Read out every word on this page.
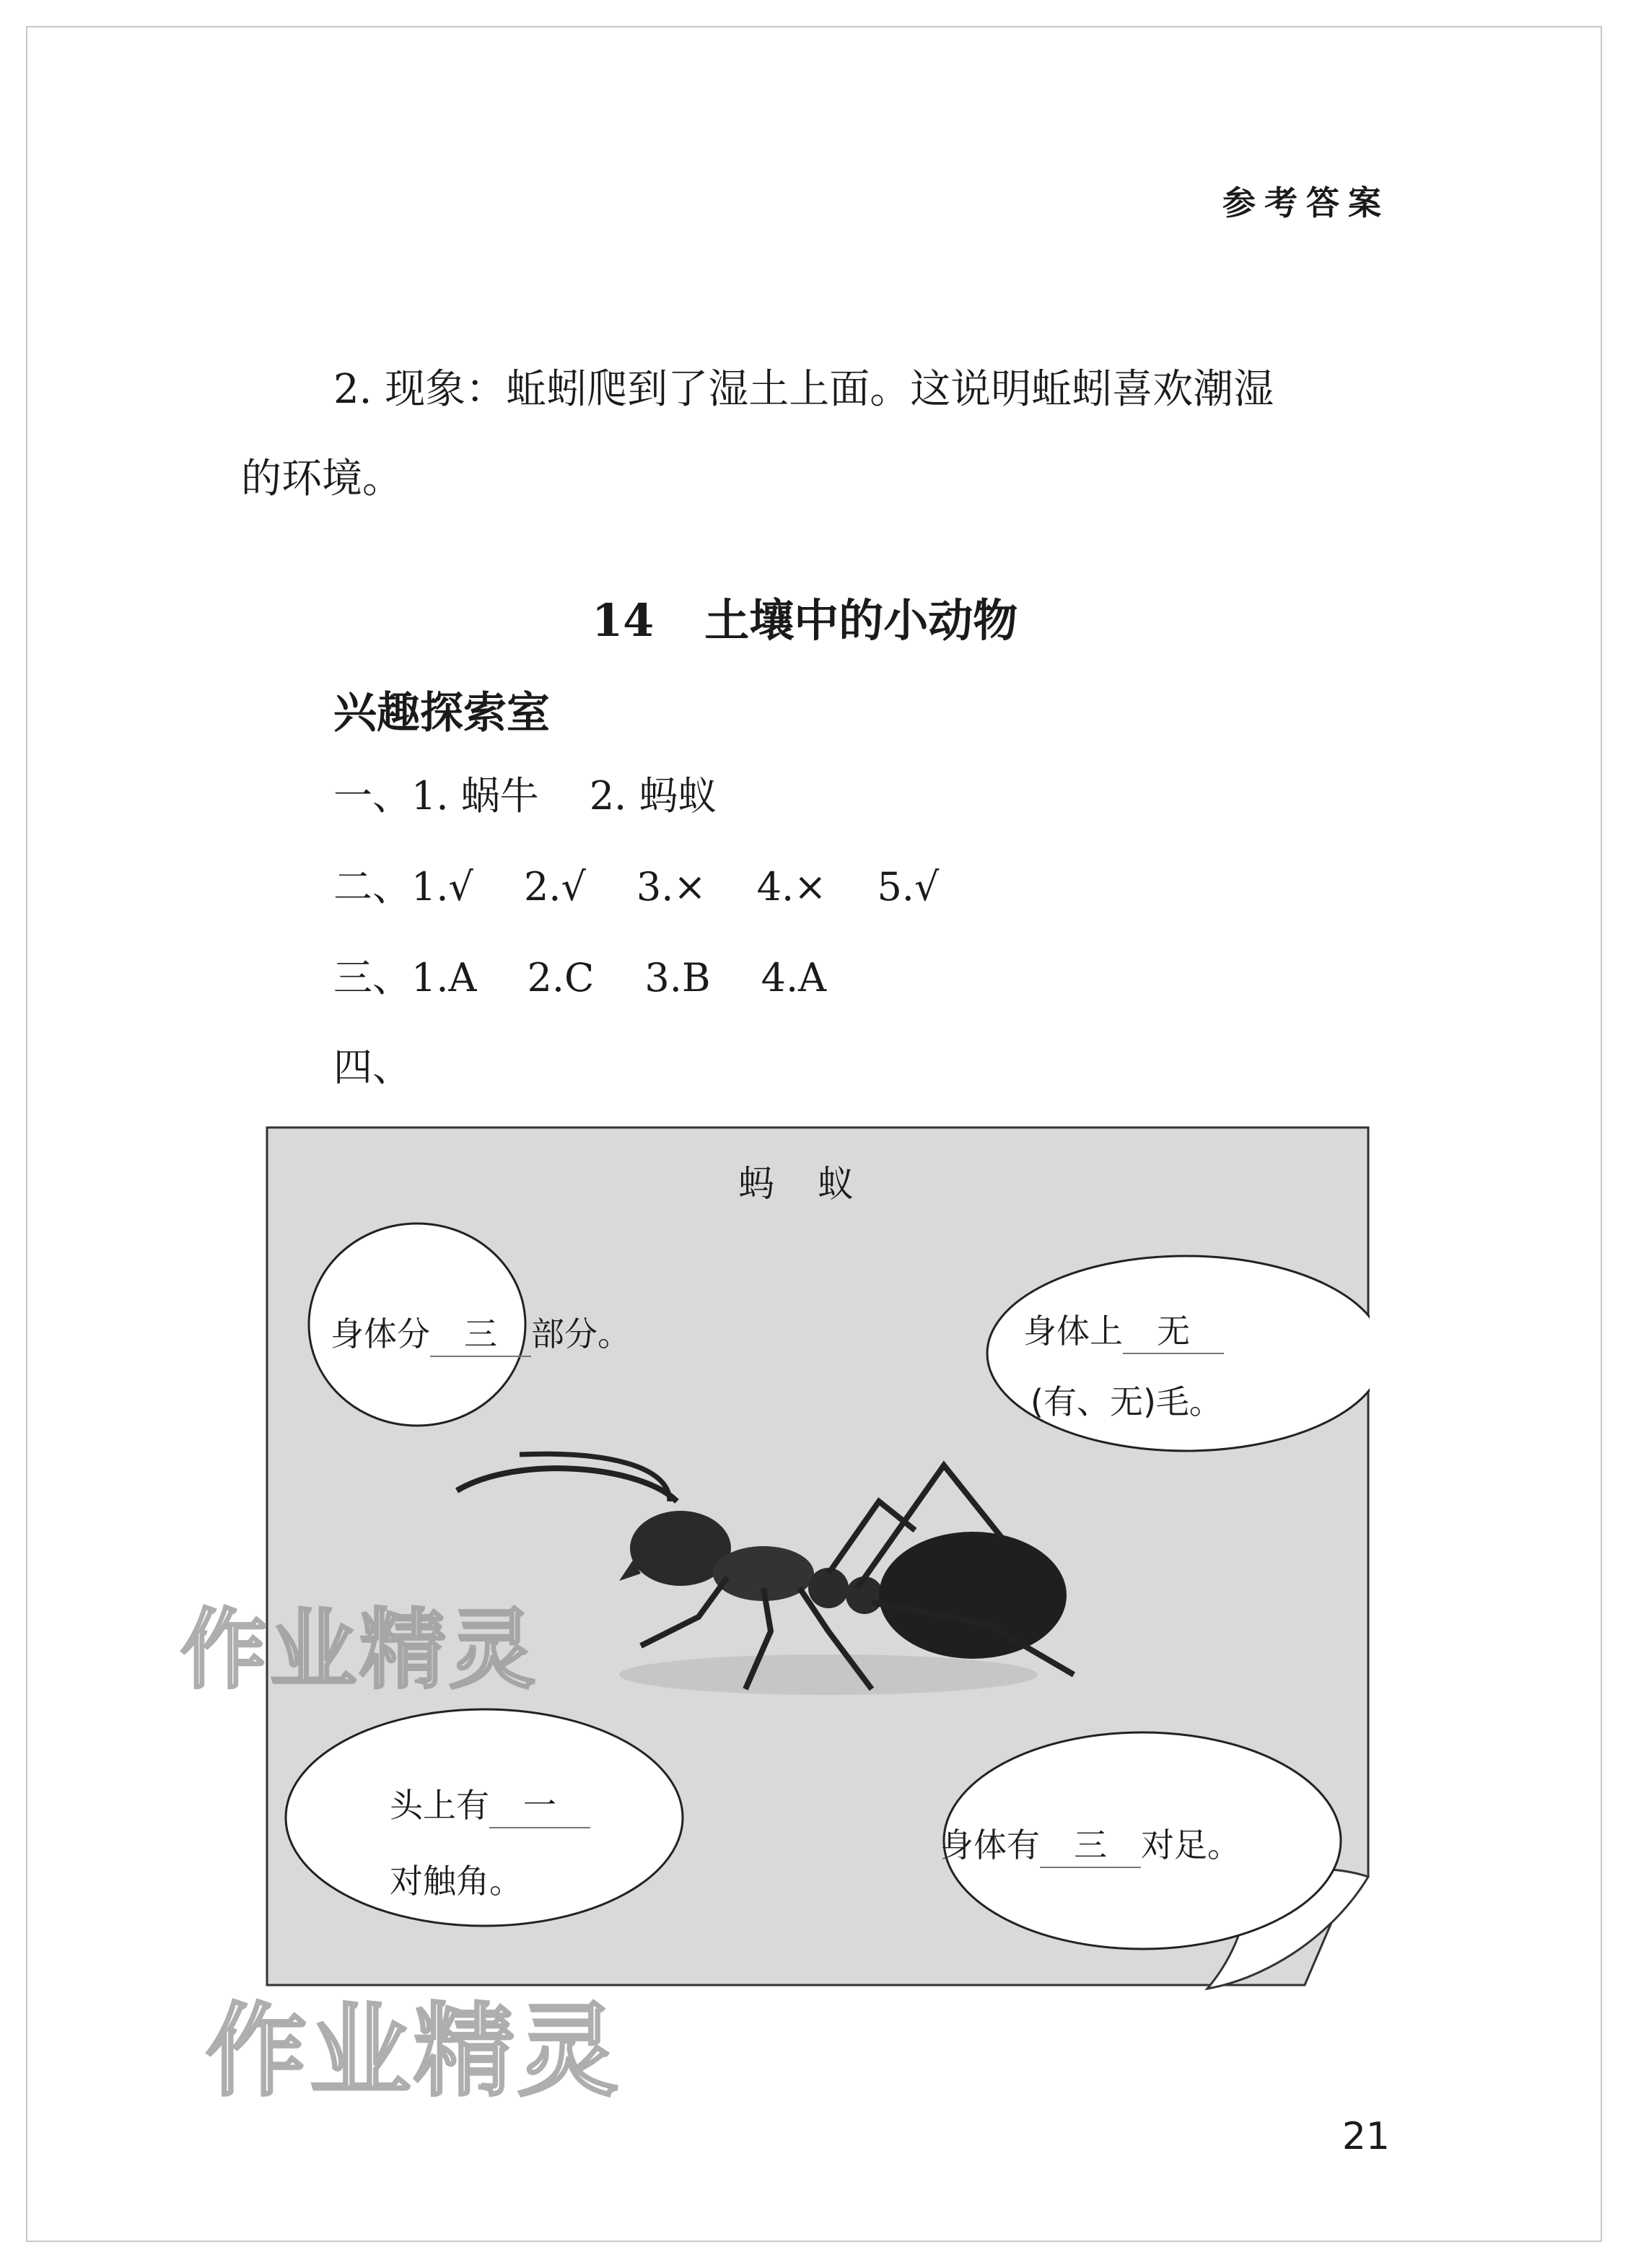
参考答案
2. 现象：蚯蚓爬到了湿土上面。这说明蚯蚓喜欢潮湿
的环境。
14 土壤中的小动物
兴趣探索室
一、1. 蜗牛 2. 蚂蚁
二、1.√ 2.√ 3.× 4.× 5.√
三、1.A 2.C 3.B 4.A
四、
蚂蚁
身体分 三 部分。	身体上 无
(有、无)毛。
头上有 一
对触角。
身体有 三 对足。
作业精灵
作业精灵
21
